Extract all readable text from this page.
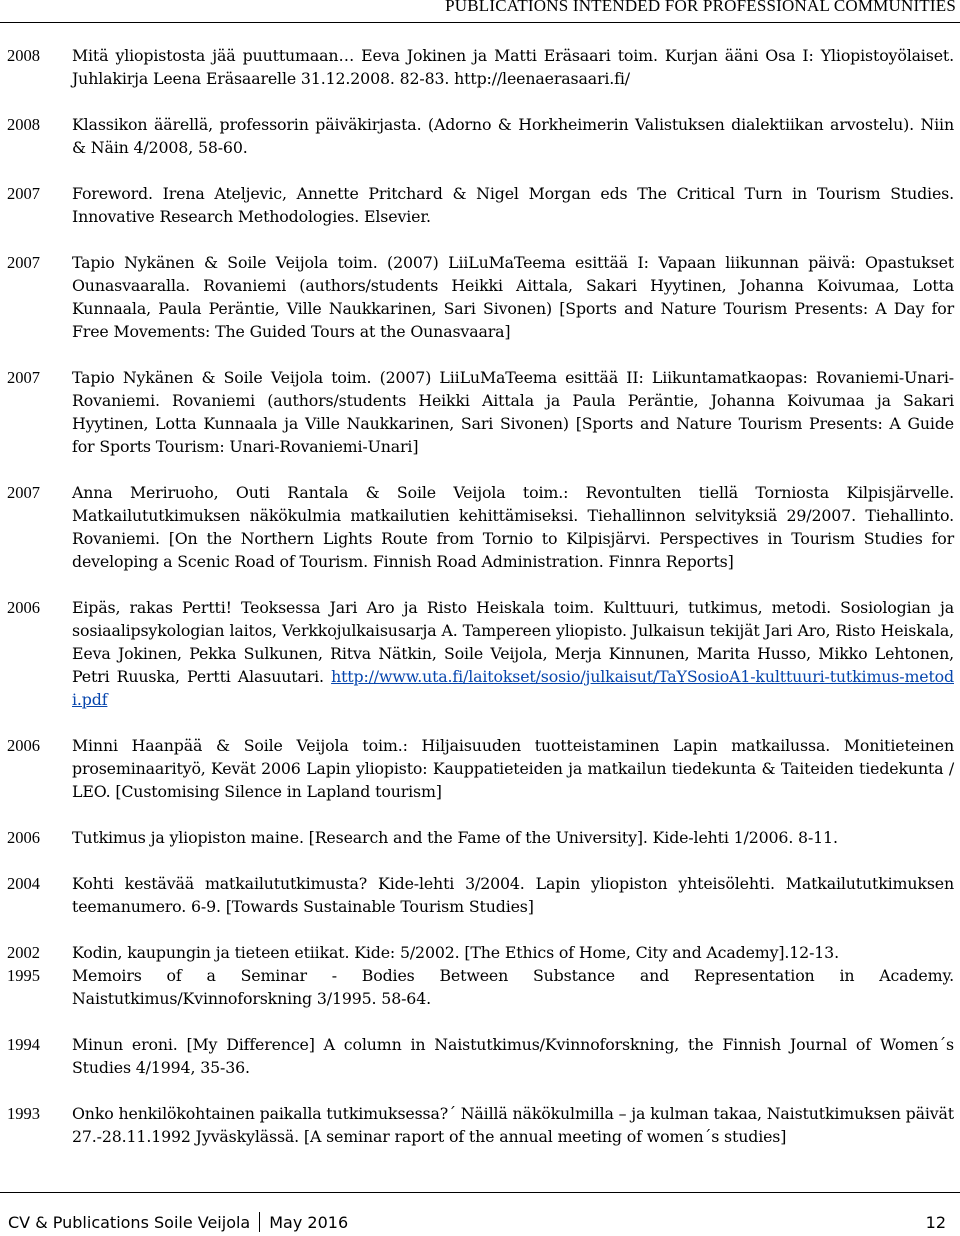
PUBLICATIONS INTENDED FOR PROFESSIONAL COMMUNITIES
2008	Mitä yliopistosta jää puuttumaan… Eeva Jokinen ja Matti Eräsaari toim. Kurjan ääni Osa I: Yliopistoyölaiset. Juhlakirja Leena Eräsaarelle 31.12.2008. 82-83. http://leenaerasaari.fi/
2008	Klassikon äärellä, professorin päiväkirjasta. (Adorno & Horkheimerin Valistuksen dialektiikan arvostelu). Niin & Näin 4/2008, 58-60.
2007	Foreword. Irena Ateljevic, Annette Pritchard & Nigel Morgan eds The Critical Turn in Tourism Studies. Innovative Research Methodologies. Elsevier.
2007	Tapio Nykänen & Soile Veijola toim. (2007) LiiLuMaTeema esittää I: Vapaan liikunnan päivä: Opastukset Ounasvaaralla. Rovaniemi (authors/students Heikki Aittala, Sakari Hyytinen, Johanna Koivumaa, Lotta Kunnaala, Paula Peräntie, Ville Naukkarinen, Sari Sivonen) [Sports and Nature Tourism Presents: A Day for Free Movements: The Guided Tours at the Ounasvaara]
2007	Tapio Nykänen & Soile Veijola toim. (2007) LiiLuMaTeema esittää II: Liikuntamatkaopas: Rovaniemi-Unari-Rovaniemi. Rovaniemi (authors/students Heikki Aittala ja Paula Peräntie, Johanna Koivumaa ja Sakari Hyytinen, Lotta Kunnaala ja Ville Naukkarinen, Sari Sivonen) [Sports and Nature Tourism Presents: A Guide for Sports Tourism: Unari-Rovaniemi-Unari]
2007	Anna Meriruoho, Outi Rantala & Soile Veijola toim.: Revontulten tiellä Torniosta Kilpisjärvelle. Matkailututkimuksen näkökulmia matkailutien kehittämiseksi. Tiehallinnon selvityksiä 29/2007. Tiehallinto. Rovaniemi. [On the Northern Lights Route from Tornio to Kilpisjärvi. Perspectives in Tourism Studies for developing a Scenic Road of Tourism. Finnish Road Administration. Finnra Reports]
2006	Eipäs, rakas Pertti! Teoksessa Jari Aro ja Risto Heiskala toim. Kulttuuri, tutkimus, metodi. Sosiologian ja sosiaalipsykologian laitos, Verkkojulkaisusarja A. Tampereen yliopisto. Julkaisun tekijät Jari Aro, Risto Heiskala, Eeva Jokinen, Pekka Sulkunen, Ritva Nätkin, Soile Veijola, Merja Kinnunen, Marita Husso, Mikko Lehtonen, Petri Ruuska, Pertti Alasuutari. http://www.uta.fi/laitokset/sosio/julkaisut/TaYSosioA1-kulttuuri-tutkimus-metodi.pdf
2006	Minni Haanpää & Soile Veijola toim.: Hiljaisuuden tuotteistaminen Lapin matkailussa. Monitieteinen proseminaarityö, Kevät 2006 Lapin yliopisto: Kauppatieteiden ja matkailun tiedekunta & Taiteiden tiedekunta / LEO. [Customising Silence in Lapland tourism]
2006	Tutkimus ja yliopiston maine. [Research and the Fame of the University]. Kide-lehti 1/2006. 8-11.
2004	Kohti kestävää matkailututkimusta? Kide-lehti 3/2004. Lapin yliopiston yhteisölehti. Matkailututkimuksen teemanumero. 6-9. [Towards Sustainable Tourism Studies]
2002	Kodin, kaupungin ja tieteen etiikat. Kide: 5/2002. [The Ethics of Home, City and Academy].12-13.
1995	Memoirs of a Seminar - Bodies Between Substance and Representation in Academy. Naistutkimus/Kvinnoforskning 3/1995. 58-64.
1994	Minun eroni. [My Difference] A column in Naistutkimus/Kvinnoforskning, the Finnish Journal of Women´s Studies 4/1994, 35-36.
1993	Onko henkilökohtainen paikalla tutkimuksessa?´ Näillä näkökulmilla – ja kulman takaa, Naistutkimuksen päivät 27.-28.11.1992 Jyväskylässä. [A seminar raport of the annual meeting of women´s studies]
CV & Publications Soile Veijola May 2016	12
